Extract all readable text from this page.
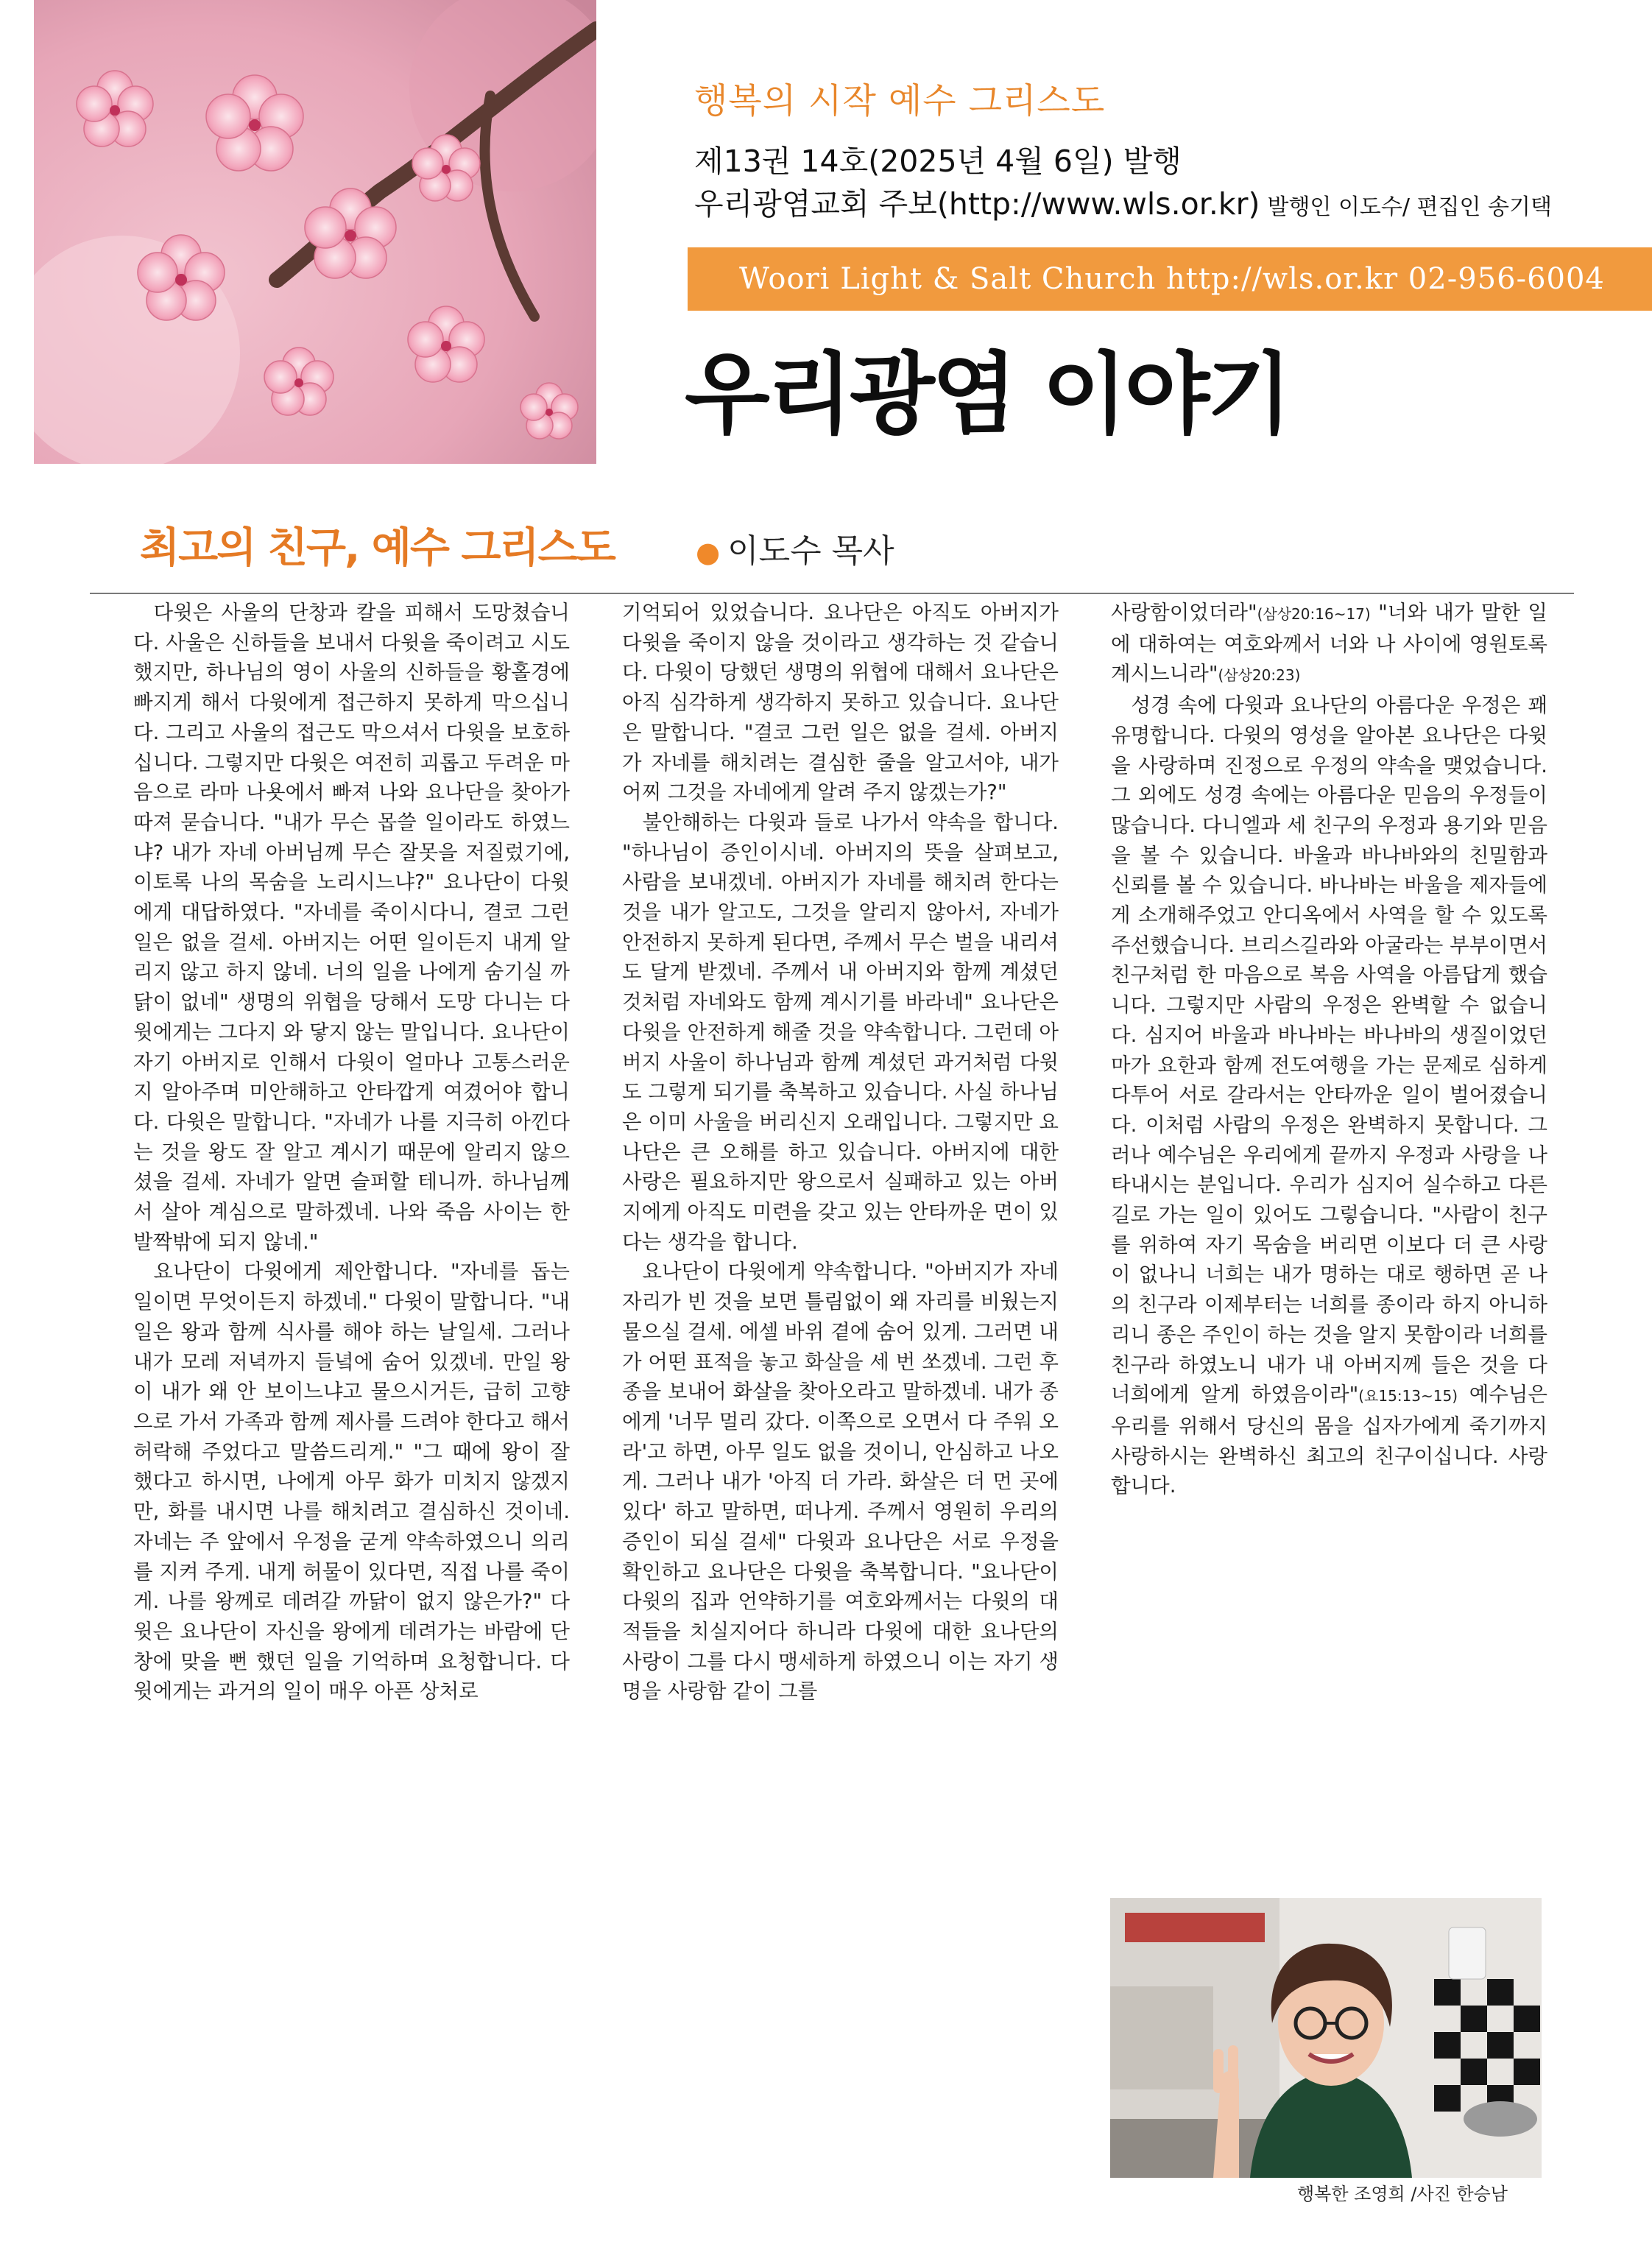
행복의 시작 예수 그리스도
제13권 14호(2025년 4월 6일) 발행
우리광염교회 주보(http://www.wls.or.kr) 발행인 이도수/ 편집인 송기택
Woori Light & Salt Church http://wls.or.kr 02-956-6004
우리광염 이야기
최고의 친구, 예수 그리스도	● 이도수 목사

다윗은 사울의 단창과 칼을 피해서 도망쳤습니다. 사울은 신하들을 보내서 다윗을 죽이려고 시도했지만, 하나님의 영이 사울의 신하들을 황홀경에 빠지게 해서 다윗에게 접근하지 못하게 막으십니다. 그리고 사울의 접근도 막으셔서 다윗을 보호하십니다. 그렇지만 다윗은 여전히 괴롭고 두려운 마음으로 라마 나욧에서 빠져 나와 요나단을 찾아가 따져 묻습니다. "내가 무슨 몹쓸 일이라도 하였느냐? 내가 자네 아버님께 무슨 잘못을 저질렀기에, 이토록 나의 목숨을 노리시느냐?" 요나단이 다윗에게 대답하였다. "자네를 죽이시다니, 결코 그런 일은 없을 걸세. 아버지는 어떤 일이든지 내게 알리지 않고 하지 않네. 너의 일을 나에게 숨기실 까닭이 없네" 생명의 위협을 당해서 도망 다니는 다윗에게는 그다지 와 닿지 않는 말입니다. 요나단이 자기 아버지로 인해서 다윗이 얼마나 고통스러운지 알아주며 미안해하고 안타깝게 여겼어야 합니다. 다윗은 말합니다. "자네가 나를 지극히 아낀다는 것을 왕도 잘 알고 계시기 때문에 알리지 않으셨을 걸세. 자네가 알면 슬퍼할 테니까. 하나님께서 살아 계심으로 말하겠네. 나와 죽음 사이는 한 발짝밖에 되지 않네."

요나단이 다윗에게 제안합니다. "자네를 돕는 일이면 무엇이든지 하겠네." 다윗이 말합니다. "내일은 왕과 함께 식사를 해야 하는 날일세. 그러나 내가 모레 저녁까지 들녘에 숨어 있겠네. 만일 왕이 내가 왜 안 보이느냐고 물으시거든, 급히 고향으로 가서 가족과 함께 제사를 드려야 한다고 해서 허락해 주었다고 말씀드리게." "그 때에 왕이 잘 했다고 하시면, 나에게 아무 화가 미치지 않겠지만, 화를 내시면 나를 해치려고 결심하신 것이네. 자네는 주 앞에서 우정을 굳게 약속하였으니 의리를 지켜 주게. 내게 허물이 있다면, 직접 나를 죽이게. 나를 왕께로 데려갈 까닭이 없지 않은가?" 다윗은 요나단이 자신을 왕에게 데려가는 바람에 단창에 맞을 뻔 했던 일을 기억하며 요청합니다. 다윗에게는 과거의 일이 매우 아픈 상처로

기억되어 있었습니다. 요나단은 아직도 아버지가 다윗을 죽이지 않을 것이라고 생각하는 것 같습니다. 다윗이 당했던 생명의 위협에 대해서 요나단은 아직 심각하게 생각하지 못하고 있습니다. 요나단은 말합니다. "결코 그런 일은 없을 걸세. 아버지가 자네를 해치려는 결심한 줄을 알고서야, 내가 어찌 그것을 자네에게 알려 주지 않겠는가?"

불안해하는 다윗과 들로 나가서 약속을 합니다. "하나님이 증인이시네. 아버지의 뜻을 살펴보고, 사람을 보내겠네. 아버지가 자네를 해치려 한다는 것을 내가 알고도, 그것을 알리지 않아서, 자네가 안전하지 못하게 된다면, 주께서 무슨 벌을 내리셔도 달게 받겠네. 주께서 내 아버지와 함께 계셨던 것처럼 자네와도 함께 계시기를 바라네" 요나단은 다윗을 안전하게 해줄 것을 약속합니다. 그런데 아버지 사울이 하나님과 함께 계셨던 과거처럼 다윗도 그렇게 되기를 축복하고 있습니다. 사실 하나님은 이미 사울을 버리신지 오래입니다. 그렇지만 요나단은 큰 오해를 하고 있습니다. 아버지에 대한 사랑은 필요하지만 왕으로서 실패하고 있는 아버지에게 아직도 미련을 갖고 있는 안타까운 면이 있다는 생각을 합니다.

요나단이 다윗에게 약속합니다. "아버지가 자네 자리가 빈 것을 보면 틀림없이 왜 자리를 비웠는지 물으실 걸세. 에셀 바위 곁에 숨어 있게. 그러면 내가 어떤 표적을 놓고 화살을 세 번 쏘겠네. 그런 후 종을 보내어 화살을 찾아오라고 말하겠네. 내가 종에게 '너무 멀리 갔다. 이쪽으로 오면서 다 주워 오라'고 하면, 아무 일도 없을 것이니, 안심하고 나오게. 그러나 내가 '아직 더 가라. 화살은 더 먼 곳에 있다' 하고 말하면, 떠나게. 주께서 영원히 우리의 증인이 되실 걸세" 다윗과 요나단은 서로 우정을 확인하고 요나단은 다윗을 축복합니다. "요나단이 다윗의 집과 언약하기를 여호와께서는 다윗의 대적들을 치실지어다 하니라 다윗에 대한 요나단의 사랑이 그를 다시 맹세하게 하였으니 이는 자기 생명을 사랑함 같이 그를

사랑함이었더라"(삼상20:16~17) "너와 내가 말한 일에 대하여는 여호와께서 너와 나 사이에 영원토록 계시느니라"(삼상20:23)

성경 속에 다윗과 요나단의 아름다운 우정은 꽤 유명합니다. 다윗의 영성을 알아본 요나단은 다윗을 사랑하며 진정으로 우정의 약속을 맺었습니다. 그 외에도 성경 속에는 아름다운 믿음의 우정들이 많습니다. 다니엘과 세 친구의 우정과 용기와 믿음을 볼 수 있습니다. 바울과 바나바와의 친밀함과 신뢰를 볼 수 있습니다. 바나바는 바울을 제자들에게 소개해주었고 안디옥에서 사역을 할 수 있도록 주선했습니다. 브리스길라와 아굴라는 부부이면서 친구처럼 한 마음으로 복음 사역을 아름답게 했습니다. 그렇지만 사람의 우정은 완벽할 수 없습니다. 심지어 바울과 바나바는 바나바의 생질이었던 마가 요한과 함께 전도여행을 가는 문제로 심하게 다투어 서로 갈라서는 안타까운 일이 벌어졌습니다. 이처럼 사람의 우정은 완벽하지 못합니다. 그러나 예수님은 우리에게 끝까지 우정과 사랑을 나타내시는 분입니다. 우리가 심지어 실수하고 다른 길로 가는 일이 있어도 그렇습니다. "사람이 친구를 위하여 자기 목숨을 버리면 이보다 더 큰 사랑이 없나니 너희는 내가 명하는 대로 행하면 곧 나의 친구라 이제부터는 너희를 종이라 하지 아니하리니 종은 주인이 하는 것을 알지 못함이라 너희를 친구라 하였노니 내가 내 아버지께 들은 것을 다 너희에게 알게 하였음이라"(요15:13~15) 예수님은 우리를 위해서 당신의 몸을 십자가에게 죽기까지 사랑하시는 완벽하신 최고의 친구이십니다. 사랑합니다.

행복한 조영희 /사진 한승남
